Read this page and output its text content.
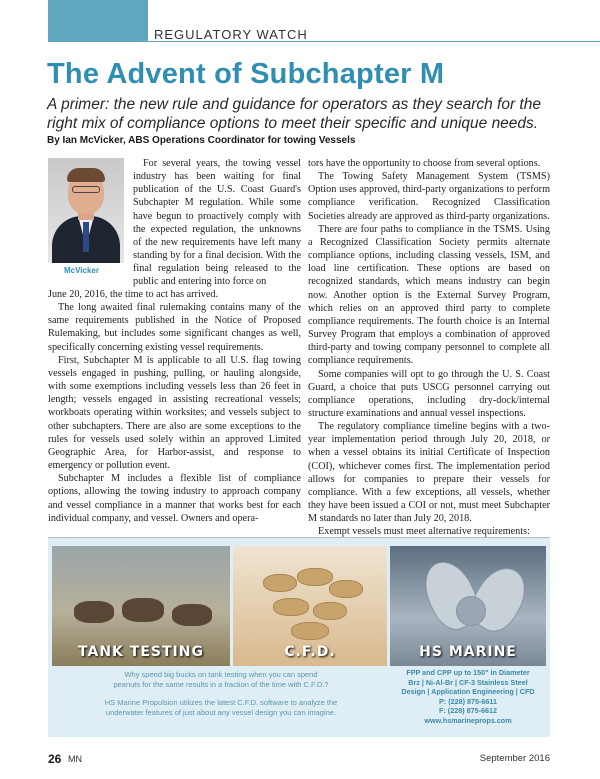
REGULATORY WATCH
The Advent of Subchapter M

A primer: the new rule and guidance for operators as they search for the right mix of compliance options to meet their specific and unique needs.

By Ian McVicker, ABS Operations Coordinator for towing Vessels

McVicker

For several years, the towing vessel industry has been waiting for final publication of the U.S. Coast Guard's Subchapter M regulation. While some have begun to proactively comply with the expected regulation, the unknowns of the new requirements have left many standing by for a final decision. With the final regulation being released to the public and entering into force on

June 20, 2016, the time to act has arrived.

The long awaited final rulemaking contains many of the same requirements published in the Notice of Proposed Rulemaking, but includes some significant changes as well, specifically concerning existing vessel requirements.

First, Subchapter M is applicable to all U.S. flag towing vessels engaged in pushing, pulling, or hauling alongside, with some exemptions including vessels less than 26 feet in length; vessels engaged in assisting recreational vessels; workboats operating within worksites; and vessels subject to other subchapters. There are also are some exceptions to the rules for vessels used solely within an approved Limited Geographic Area, for Harbor-assist, and response to emergency or pollution event.

Subchapter M includes a flexible list of compliance options, allowing the towing industry to approach company and vessel compliance in a manner that works best for each individual company, and vessel. Owners and opera-

tors have the opportunity to choose from several options.

The Towing Safety Management System (TSMS) Option uses approved, third-party organizations to perform compliance verification. Recognized Classification Societies already are approved as third-party organizations.

There are four paths to compliance in the TSMS. Using a Recognized Classification Society permits alternate compliance options, including classing vessels, ISM, and load line certification. These options are based on recognized standards, which means industry can begin now. Another option is the External Survey Program, which relies on an approved third party to complete compliance requirements. The fourth choice is an Internal Survey Program that employs a combination of approved third-party and towing company personnel to complete all compliance requirements.

Some companies will opt to go through the U. S. Coast Guard, a choice that puts USCG personnel carrying out compliance operations, including dry-dock/internal structure examinations and annual vessel inspections.

The regulatory compliance timeline begins with a two-year implementation period through July 20, 2018, or when a vessel obtains its initial Certificate of Inspection (COI), whichever comes first. The implementation period allows for companies to prepare their vessels for compliance. With a few exceptions, all vessels, whether they have been issued a COI or not, must meet Subchapter M standards no later than July 20, 2018.

Exempt vessels must meet alternative requirements:

TANK TESTING	C.F.D.	HS MARINE
Why spend big bucks on tank testing when you can spend
peanuts for the same results in a fraction of the time with C.F.D.?
HS Marine Propulsion utilizes the latest C.F.D. software to analyze the
underwater features of just about any vessel design you can imagine.
FPP and CPP up to 150" in Diameter
Brz | Ni-Al-Br | CF-3 Stainless Steel
Design | Application Engineering | CFD
P: (228) 875-6611
F: (228) 875-6612
www.hsmarineprops.com
26 MN	September 2016
